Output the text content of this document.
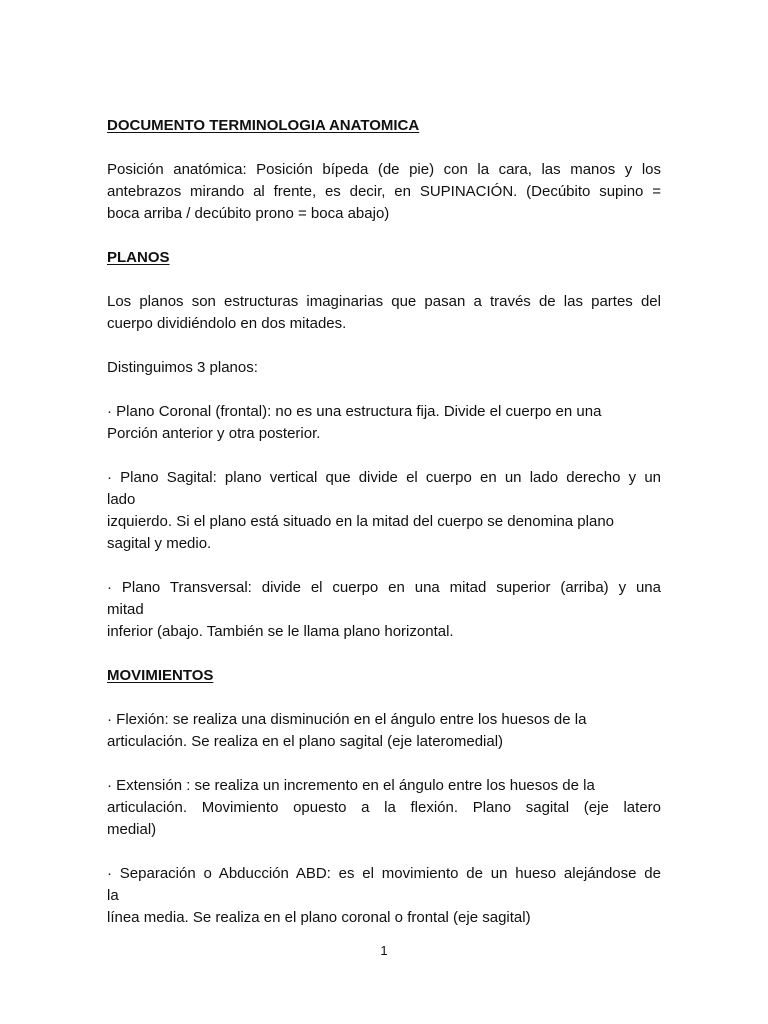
DOCUMENTO TERMINOLOGIA ANATOMICA
Posición anatómica: Posición bípeda (de pie) con la cara, las manos y los
antebrazos mirando al frente, es decir, en SUPINACIÓN. (Decúbito supino =
boca arriba / decúbito prono = boca abajo)
PLANOS
Los planos son estructuras imaginarias que pasan a través de las partes del
cuerpo dividiéndolo en dos mitades.
Distinguimos 3 planos:
· Plano Coronal (frontal): no es una estructura fija. Divide el cuerpo en una
Porción anterior y otra posterior.
· Plano Sagital: plano vertical que divide el cuerpo en un lado derecho y un
lado
izquierdo. Si el plano está situado en la mitad del cuerpo se denomina plano
sagital y medio.
· Plano Transversal: divide el cuerpo en una mitad superior (arriba) y una
mitad
inferior (abajo. También se le llama plano horizontal.
MOVIMIENTOS
· Flexión: se realiza una disminución en el ángulo entre los huesos de la
articulación. Se realiza en el plano sagital (eje lateromedial)
· Extensión : se realiza un incremento en el ángulo entre los huesos de la
articulación. Movimiento opuesto a la flexión. Plano sagital (eje latero
medial)
· Separación o Abducción ABD: es el movimiento de un hueso alejándose de
la
línea media. Se realiza en el plano coronal o frontal (eje sagital)
1
